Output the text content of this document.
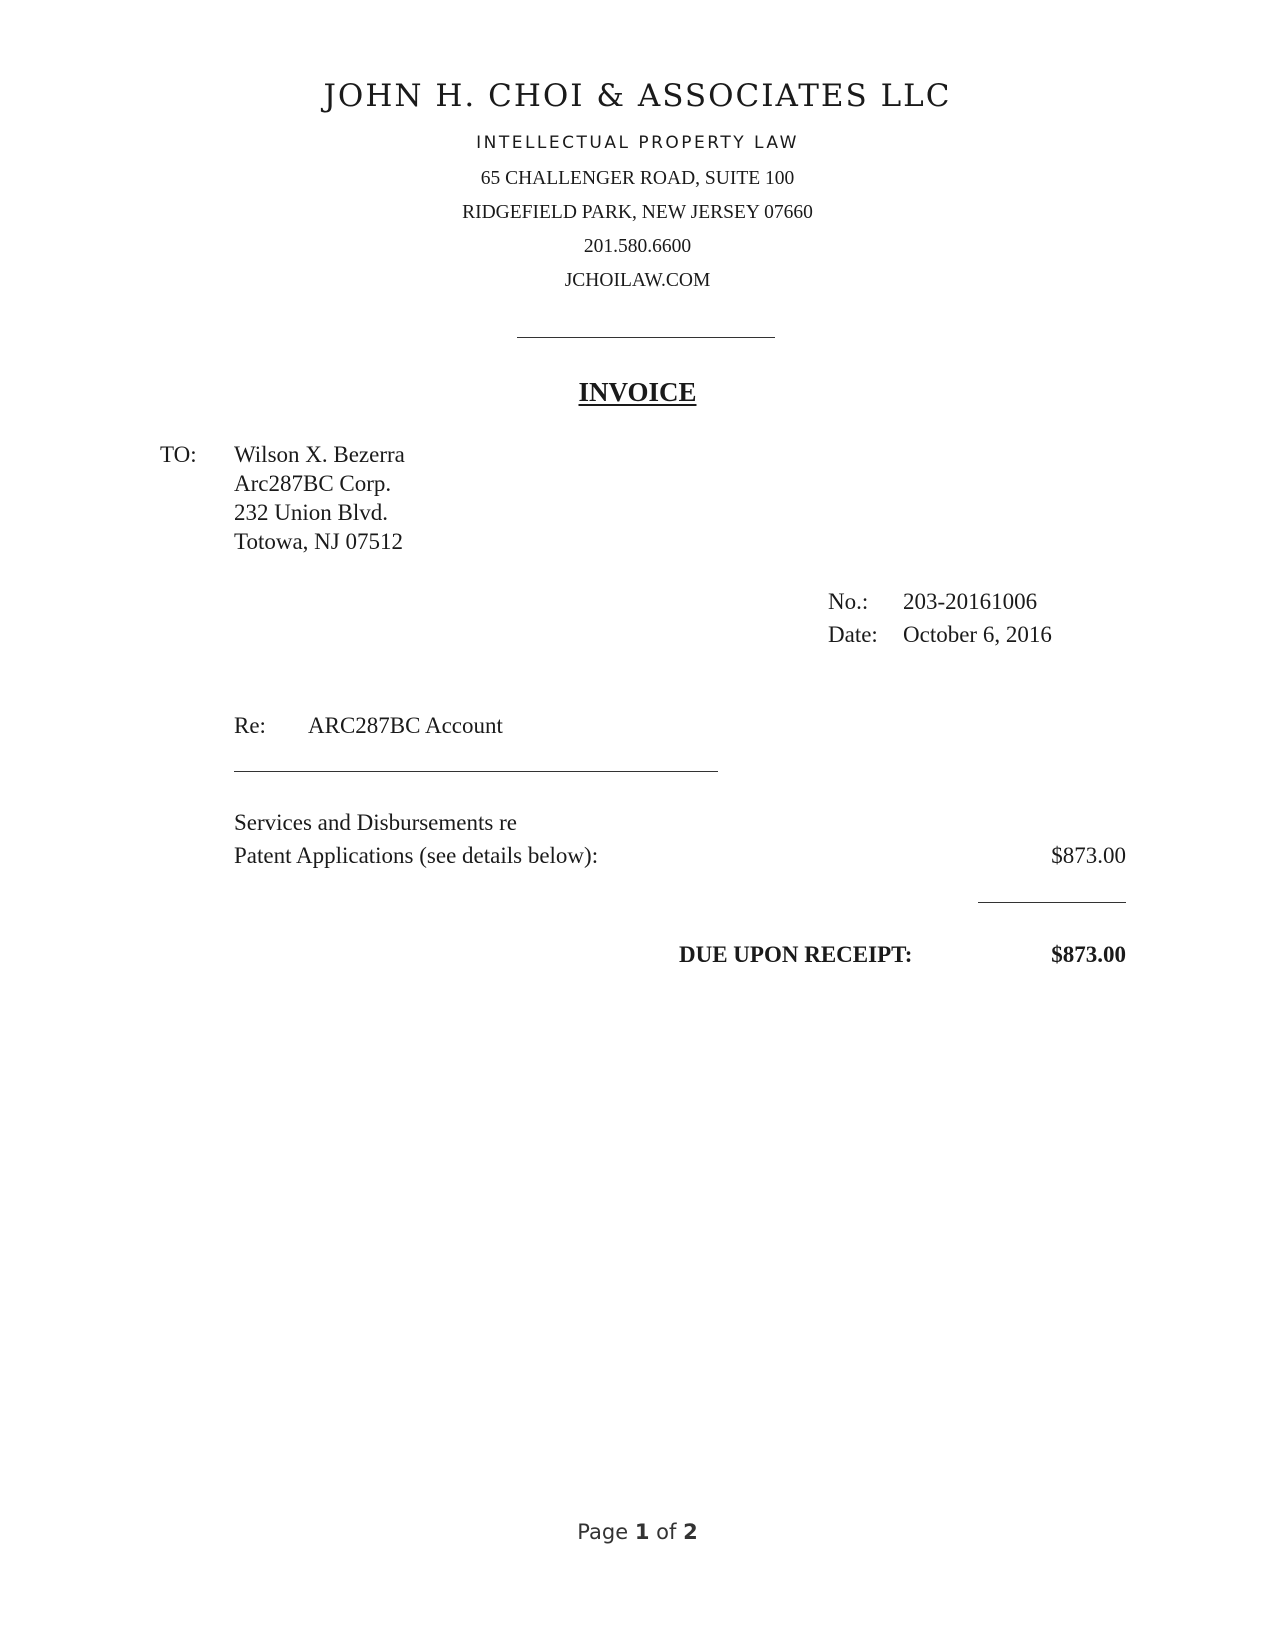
JOHN H. CHOI & ASSOCIATES LLC
INTELLECTUAL PROPERTY LAW
65 CHALLENGER ROAD, SUITE 100
RIDGEFIELD PARK, NEW JERSEY 07660
201.580.6600
JCHOILAW.COM
INVOICE
TO: Wilson X. Bezerra
Arc287BC Corp.
232 Union Blvd.
Totowa, NJ 07512
No.: 203-20161006
Date: October 6, 2016
Re: ARC287BC Account
Services and Disbursements re
Patent Applications (see details below):	$873.00
DUE UPON RECEIPT:	$873.00
Page 1 of 2
